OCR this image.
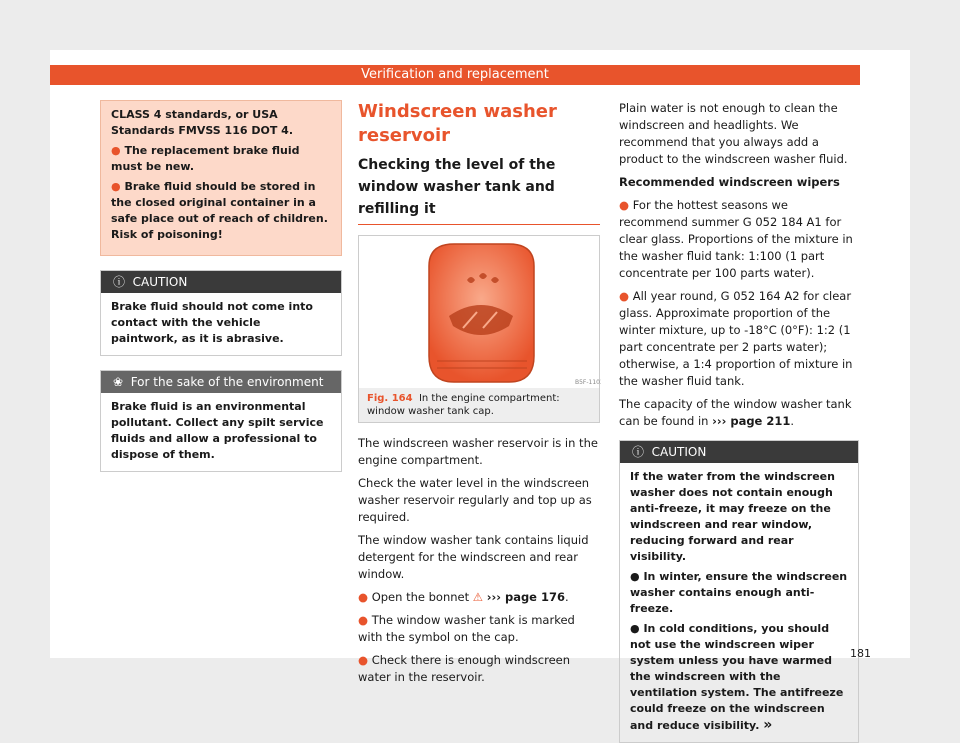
Verification and replacement

CLASS 4 standards, or USA Standards FMVSS 116 DOT 4.

● The replacement brake fluid must be new.

● Brake fluid should be stored in the closed original container in a safe place out of reach of children. Risk of poisoning!

ⓘ CAUTION
Brake fluid should not come into contact with the vehicle paintwork, as it is abrasive.
❀ For the sake of the environment
Brake fluid is an environmental pollutant. Collect any spilt service fluids and allow a professional to dispose of them.
Windscreen washer reservoir
Checking the level of the window washer tank and refilling it
B5F-1103
Fig. 164 In the engine compartment: window washer tank cap.

The windscreen washer reservoir is in the engine compartment.

Check the water level in the windscreen washer reservoir regularly and top up as required.

The window washer tank contains liquid detergent for the windscreen and rear window.

● Open the bonnet ⚠ ››› page 176.

● The window washer tank is marked with the symbol on the cap.

● Check there is enough windscreen water in the reservoir.

Plain water is not enough to clean the windscreen and headlights. We recommend that you always add a product to the windscreen washer fluid.

Recommended windscreen wipers

● For the hottest seasons we recommend summer G 052 184 A1 for clear glass. Proportions of the mixture in the washer fluid tank: 1:100 (1 part concentrate per 100 parts water).

● All year round, G 052 164 A2 for clear glass. Approximate proportion of the winter mixture, up to -18°C (0°F): 1:2 (1 part concentrate per 2 parts water); otherwise, a 1:4 proportion of mixture in the washer fluid tank.

The capacity of the window washer tank can be found in ››› page 211.

ⓘ CAUTION
If the water from the windscreen washer does not contain enough anti-freeze, it may freeze on the windscreen and rear window, reducing forward and rear visibility.
● In winter, ensure the windscreen washer contains enough anti-freeze.
● In cold conditions, you should not use the windscreen wiper system unless you have warmed the windscreen with the ventilation system. The antifreeze could freeze on the windscreen and reduce visibility. »
181
